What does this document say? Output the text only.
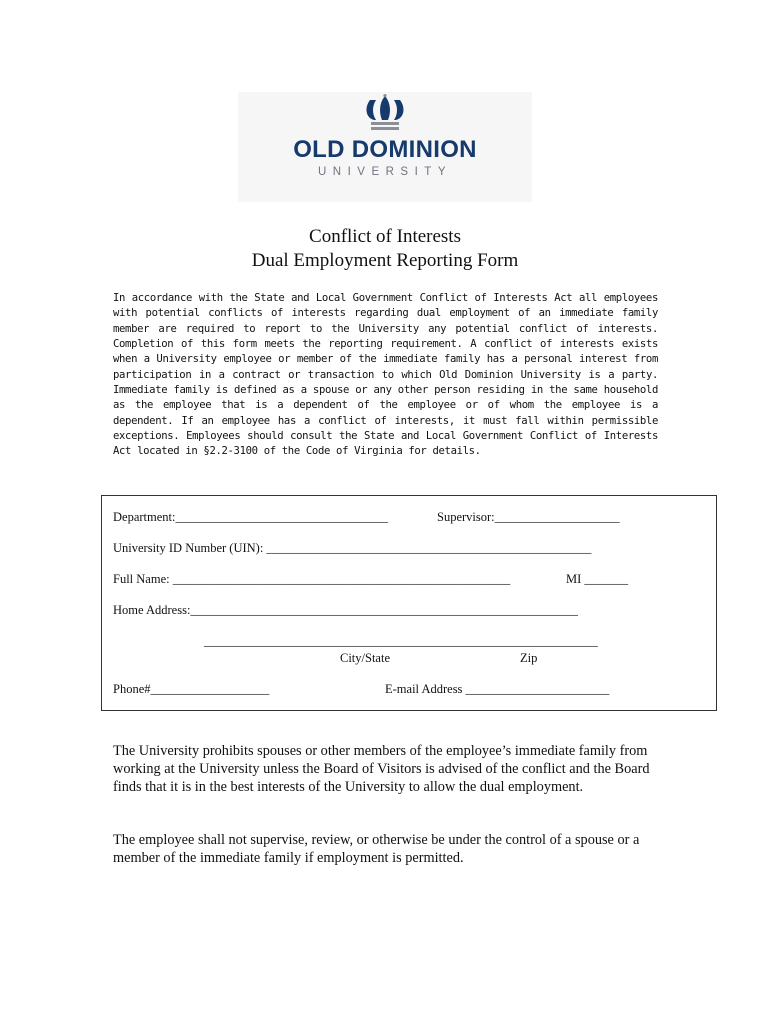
OLD DOMINION
UNIVERSITY
Conflict of Interests
Dual Employment Reporting Form
In accordance with the State and Local Government Conflict of Interests Act all employees with potential conflicts of interests regarding dual employment of an immediate family member are required to report to the University any potential conflict of interests. Completion of this form meets the reporting requirement. A conflict of interests exists when a University employee or member of the immediate family has a personal interest from participation in a contract or transaction to which Old Dominion University is a party. Immediate family is defined as a spouse or any other person residing in the same household as the employee that is a dependent of the employee or of whom the employee is a dependent. If an employee has a conflict of interests, it must fall within permissible exceptions. Employees should consult the State and Local Government Conflict of Interests Act located in §2.2-3100 of the Code of Virginia for details.
Department:__________________________________	Supervisor:____________________
University ID Number (UIN): ____________________________________________________
Full Name: ______________________________________________________	MI _______
Home Address:______________________________________________________________
_______________________________________________________________
City/State	Zip
Phone#___________________	E-mail Address _______________________
The University prohibits spouses or other members of the employee’s immediate family from working at the University unless the Board of Visitors is advised of the conflict and the Board finds that it is in the best interests of the University to allow the dual employment.
The employee shall not supervise, review, or otherwise be under the control of a spouse or a member of the immediate family if employment is permitted.
